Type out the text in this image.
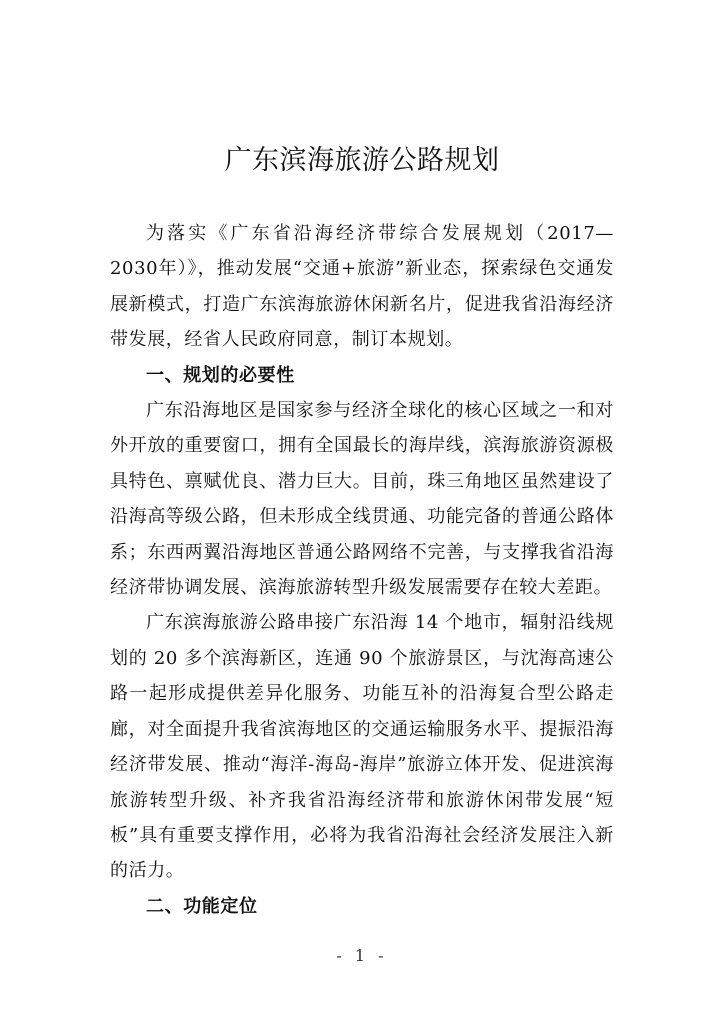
广东滨海旅游公路规划

为落实《广东省沿海经济带综合发展规划（2017—2030年）》，推动发展“交通+旅游”新业态，探索绿色交通发展新模式，打造广东滨海旅游休闲新名片，促进我省沿海经济带发展，经省人民政府同意，制订本规划。

一、规划的必要性

广东沿海地区是国家参与经济全球化的核心区域之一和对外开放的重要窗口，拥有全国最长的海岸线，滨海旅游资源极具特色、禀赋优良、潜力巨大。目前，珠三角地区虽然建设了沿海高等级公路，但未形成全线贯通、功能完备的普通公路体系；东西两翼沿海地区普通公路网络不完善，与支撑我省沿海经济带协调发展、滨海旅游转型升级发展需要存在较大差距。

广东滨海旅游公路串接广东沿海 14 个地市，辐射沿线规划的 20 多个滨海新区，连通 90 个旅游景区，与沈海高速公路一起形成提供差异化服务、功能互补的沿海复合型公路走廊，对全面提升我省滨海地区的交通运输服务水平、提振沿海经济带发展、推动“海洋-海岛-海岸”旅游立体开发、促进滨海旅游转型升级、补齐我省沿海经济带和旅游休闲带发展“短板”具有重要支撑作用，必将为我省沿海社会经济发展注入新的活力。

二、功能定位
- 1 -
